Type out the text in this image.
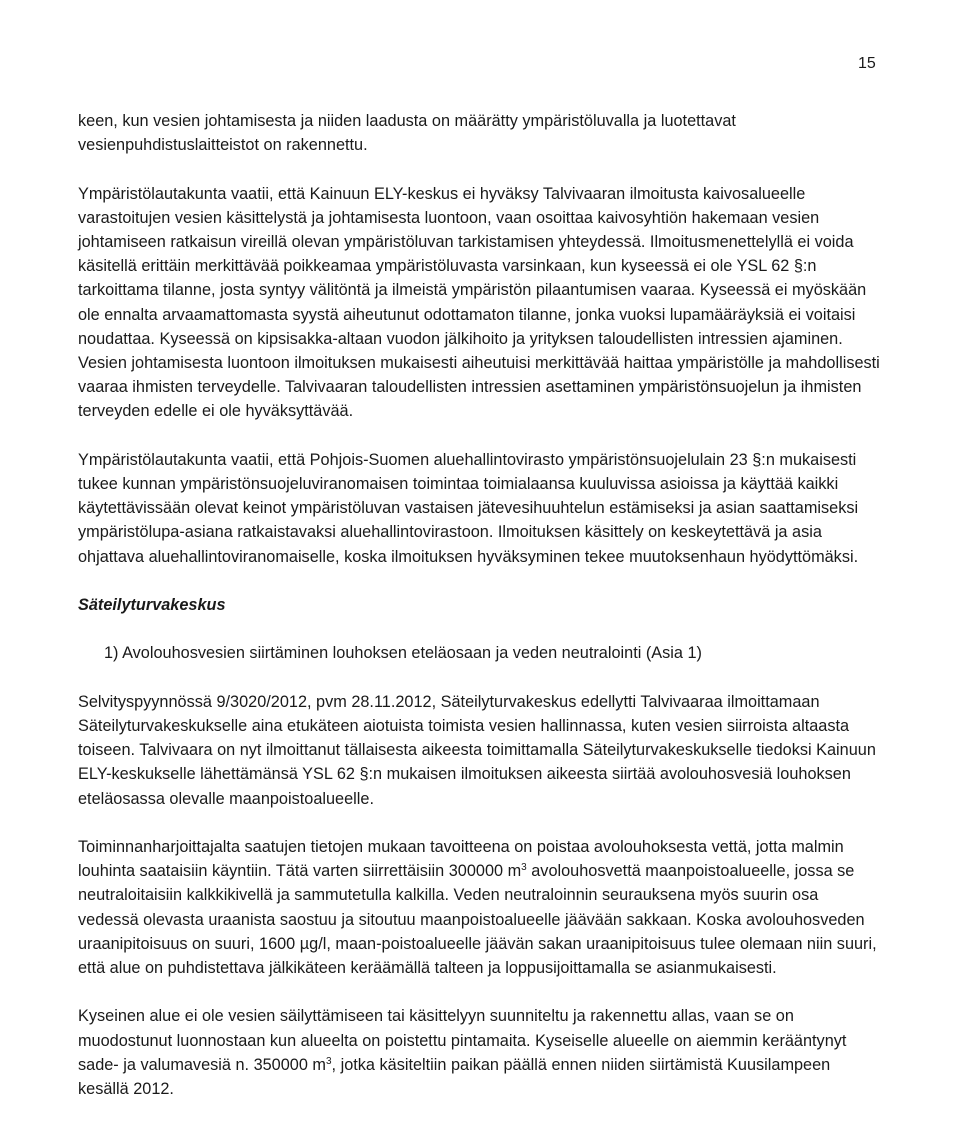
15

keen, kun vesien johtamisesta ja niiden laadusta on määrätty ympäristöluvalla ja luotettavat vesienpuhdistuslaitteistot on rakennettu.

Ympäristölautakunta vaatii, että Kainuun ELY-keskus ei hyväksy Talvivaaran ilmoitusta kaivosalueelle varastoitujen vesien käsittelystä ja johtamisesta luontoon, vaan osoittaa kaivosyhtiön hakemaan vesien johtamiseen ratkaisun vireillä olevan ympäristöluvan tarkistamisen yhteydessä. Ilmoitusmenettelyllä ei voida käsitellä erittäin merkittävää poikkeamaa ympäristöluvasta varsinkaan, kun kyseessä ei ole YSL 62 §:n tarkoittama tilanne, josta syntyy välitöntä ja ilmeistä ympäristön pilaantumisen vaaraa. Kyseessä ei myöskään ole ennalta arvaamattomasta syystä aiheutunut odottamaton tilanne, jonka vuoksi lupamääräyksiä ei voitaisi noudattaa. Kyseessä on kipsisakka-altaan vuodon jälkihoito ja yrityksen taloudellisten intressien ajaminen. Vesien johtamisesta luontoon ilmoituksen mukaisesti aiheutuisi merkittävää haittaa ympäristölle ja mahdollisesti vaaraa ihmisten terveydelle. Talvivaaran taloudellisten intressien asettaminen ympäristönsuojelun ja ihmisten terveyden edelle ei ole hyväksyttävää.

Ympäristölautakunta vaatii, että Pohjois-Suomen aluehallintovirasto ympäristönsuojelulain 23 §:n mukaisesti tukee kunnan ympäristönsuojeluviranomaisen toimintaa toimialaansa kuuluvissa asioissa ja käyttää kaikki käytettävissään olevat keinot ympäristöluvan vastaisen jätevesihuuhtelun estämiseksi ja asian saattamiseksi ympäristölupa-asiana ratkaistavaksi aluehallintovirastoon. Ilmoituksen käsittely on keskeytettävä ja asia ohjattava aluehallintoviranomaiselle, koska ilmoituksen hyväksyminen tekee muutoksenhaun hyödyttömäksi.

Säteilyturvakeskus

1) Avolouhosvesien siirtäminen louhoksen eteläosaan ja veden neutralointi (Asia 1)

Selvityspyynnössä 9/3020/2012, pvm 28.11.2012, Säteilyturvakeskus edellytti Talvivaaraa ilmoittamaan Säteilyturvakeskukselle aina etukäteen aiotuista toimista vesien hallinnassa, kuten vesien siirroista altaasta toiseen. Talvivaara on nyt ilmoittanut tällaisesta aikeesta toimittamalla Säteilyturvakeskukselle tiedoksi Kainuun ELY-keskukselle lähettämänsä YSL 62 §:n mukaisen ilmoituksen aikeesta siirtää avolouhosvesiä louhoksen eteläosassa olevalle maanpoistoalueelle.

Toiminnanharjoittajalta saatujen tietojen mukaan tavoitteena on poistaa avolouhoksesta vettä, jotta malmin louhinta saataisiin käyntiin. Tätä varten siirrettäisiin 300000 $m^3$ avolouhosvettä maanpoistoalueelle, jossa se neutraloitaisiin kalkkikivellä ja sammutetulla kalkilla. Veden neutraloinnin seurauksena myös suurin osa vedessä olevasta uraanista saostuu ja sitoutuu maanpoistoalueelle jäävään sakkaan. Koska avolouhosveden uraanipitoisuus on suuri, 1600 µg/l, maan-poistoalueelle jäävän sakan uraanipitoisuus tulee olemaan niin suuri, että alue on puhdistettava jälkikäteen keräämällä talteen ja loppusijoittamalla se asianmukaisesti.

Kyseinen alue ei ole vesien säilyttämiseen tai käsittelyyn suunniteltu ja rakennettu allas, vaan se on muodostunut luonnostaan kun alueelta on poistettu pintamaita. Kyseiselle alueelle on aiemmin kerääntynyt sade- ja valumavesiä n. 350000 $m^3$, jotka käsiteltiin paikan päällä ennen niiden siirtämistä Kuusilampeen kesällä 2012.
